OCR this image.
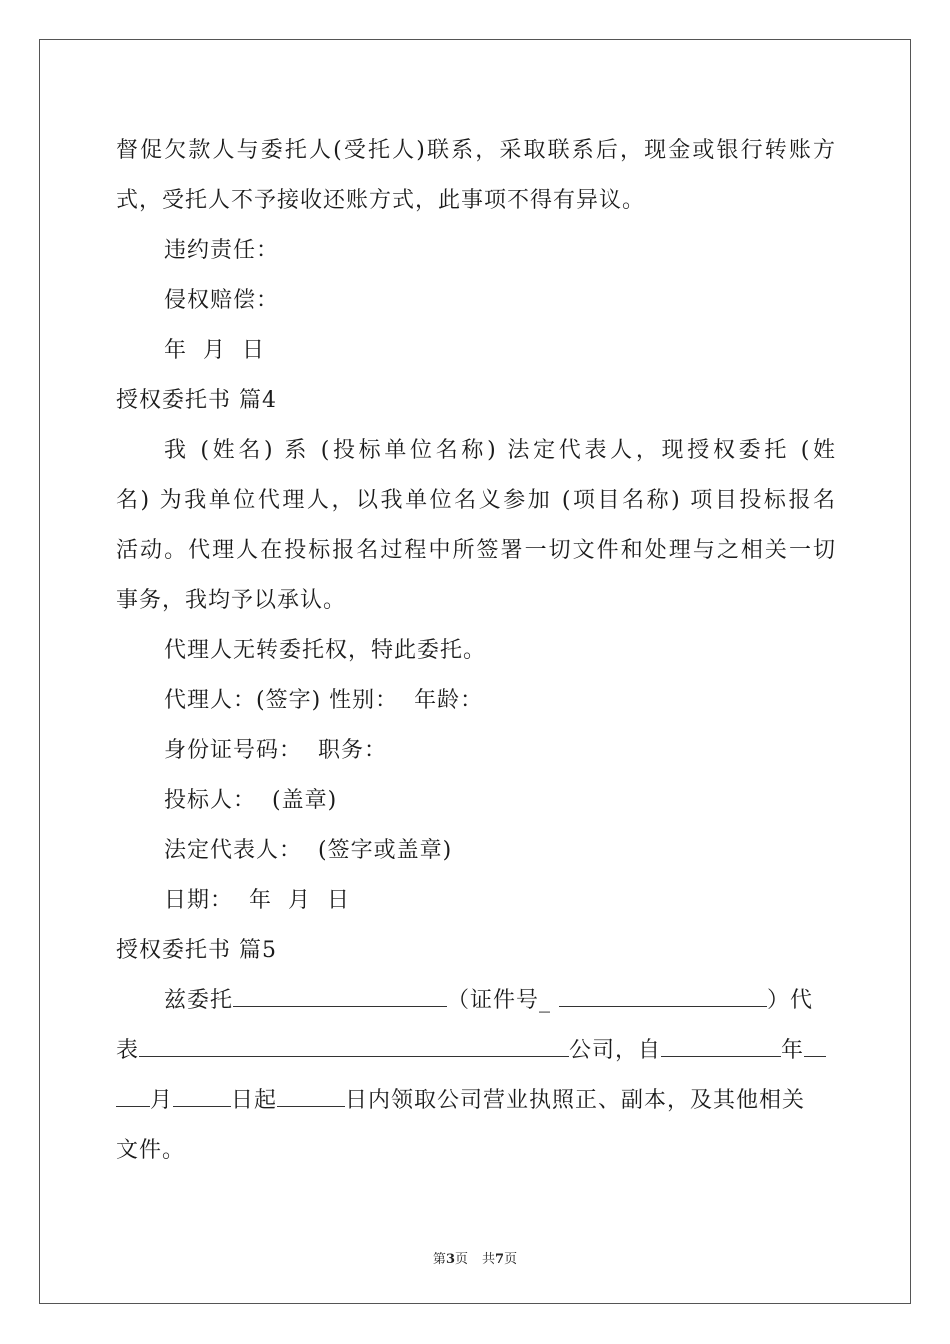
督促欠款人与委托人(受托人)联系，采取联系后，现金或银行转账方
式，受托人不予接收还账方式，此事项不得有异议。
违约责任：
侵权赔偿：
年  月  日
授权委托书 篇4
我 (姓名) 系 (投标单位名称) 法定代表人，现授权委托 (姓
名) 为我单位代理人，以我单位名义参加 (项目名称) 项目投标报名
活动。代理人在投标报名过程中所签署一切文件和处理与之相关一切
事务，我均予以承认。
代理人无转委托权，特此委托。
代理人：(签字) 性别：  年龄：
身份证号码：  职务：
投标人：  (盖章)
法定代表人：  (签字或盖章)
日期：  年  月  日
授权委托书 篇5
兹委托	（证件号_	）代
表	公司，自	年
月	日起	日内领取公司营业执照正、副本，及其他相关
文件。
第3页 共7页
